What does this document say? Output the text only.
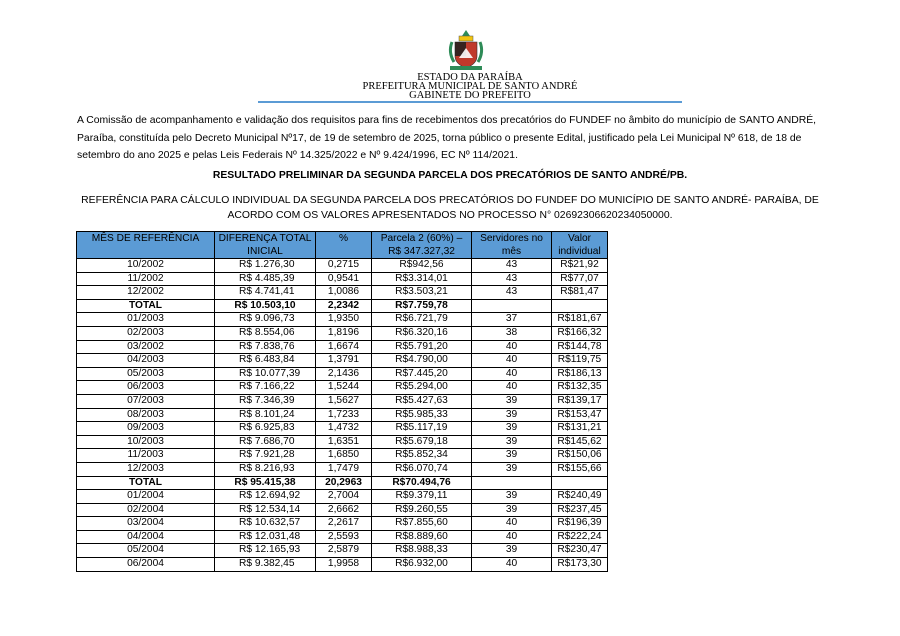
ESTADO DA PARAÍBA
PREFEITURA MUNICIPAL DE SANTO ANDRÉ
GABINETE DO PREFEITO
A Comissão de acompanhamento e validação dos requisitos para fins de recebimentos dos precatórios do FUNDEF no âmbito do município de SANTO ANDRÉ, Paraíba, constituída pelo Decreto Municipal Nº17, de 19 de setembro de 2025, torna público o presente Edital, justificado pela Lei Municipal Nº 618, de 18 de setembro do ano 2025 e pelas Leis Federais Nº 14.325/2022 e Nº 9.424/1996, EC Nº 114/2021.
RESULTADO PRELIMINAR DA SEGUNDA PARCELA DOS PRECATÓRIOS DE SANTO ANDRÉ/PB.
REFERÊNCIA PARA CÁLCULO INDIVIDUAL DA SEGUNDA PARCELA DOS PRECATÓRIOS DO FUNDEF DO MUNICÍPIO DE SANTO ANDRÉ- PARAÍBA, DE ACORDO COM OS VALORES APRESENTADOS NO PROCESSO N° 02692306620234050000.
MÊS DE REFERÊNCIA	DIFERENÇA TOTAL INICIAL	%	Parcela 2 (60%) – R$ 347.327,32	Servidores no mês	Valor individual
10/2002	R$ 1.276,30	0,2715	R$942,56	43	R$21,92
11/2002	R$ 4.485,39	0,9541	R$3.314,01	43	R$77,07
12/2002	R$ 4.741,41	1,0086	R$3.503,21	43	R$81,47
TOTAL	R$ 10.503,10	2,2342	R$7.759,78		
01/2003	R$ 9.096,73	1,9350	R$6.721,79	37	R$181,67
02/2003	R$ 8.554,06	1,8196	R$6.320,16	38	R$166,32
03/2002	R$ 7.838,76	1,6674	R$5.791,20	40	R$144,78
04/2003	R$ 6.483,84	1,3791	R$4.790,00	40	R$119,75
05/2003	R$ 10.077,39	2,1436	R$7.445,20	40	R$186,13
06/2003	R$ 7.166,22	1,5244	R$5.294,00	40	R$132,35
07/2003	R$ 7.346,39	1,5627	R$5.427,63	39	R$139,17
08/2003	R$ 8.101,24	1,7233	R$5.985,33	39	R$153,47
09/2003	R$ 6.925,83	1,4732	R$5.117,19	39	R$131,21
10/2003	R$ 7.686,70	1,6351	R$5.679,18	39	R$145,62
11/2003	R$ 7.921,28	1,6850	R$5.852,34	39	R$150,06
12/2003	R$ 8.216,93	1,7479	R$6.070,74	39	R$155,66
TOTAL	R$ 95.415,38	20,2963	R$70.494,76		
01/2004	R$ 12.694,92	2,7004	R$9.379,11	39	R$240,49
02/2004	R$ 12.534,14	2,6662	R$9.260,55	39	R$237,45
03/2004	R$ 10.632,57	2,2617	R$7.855,60	40	R$196,39
04/2004	R$ 12.031,48	2,5593	R$8.889,60	40	R$222,24
05/2004	R$ 12.165,93	2,5879	R$8.988,33	39	R$230,47
06/2004	R$ 9.382,45	1,9958	R$6.932,00	40	R$173,30
